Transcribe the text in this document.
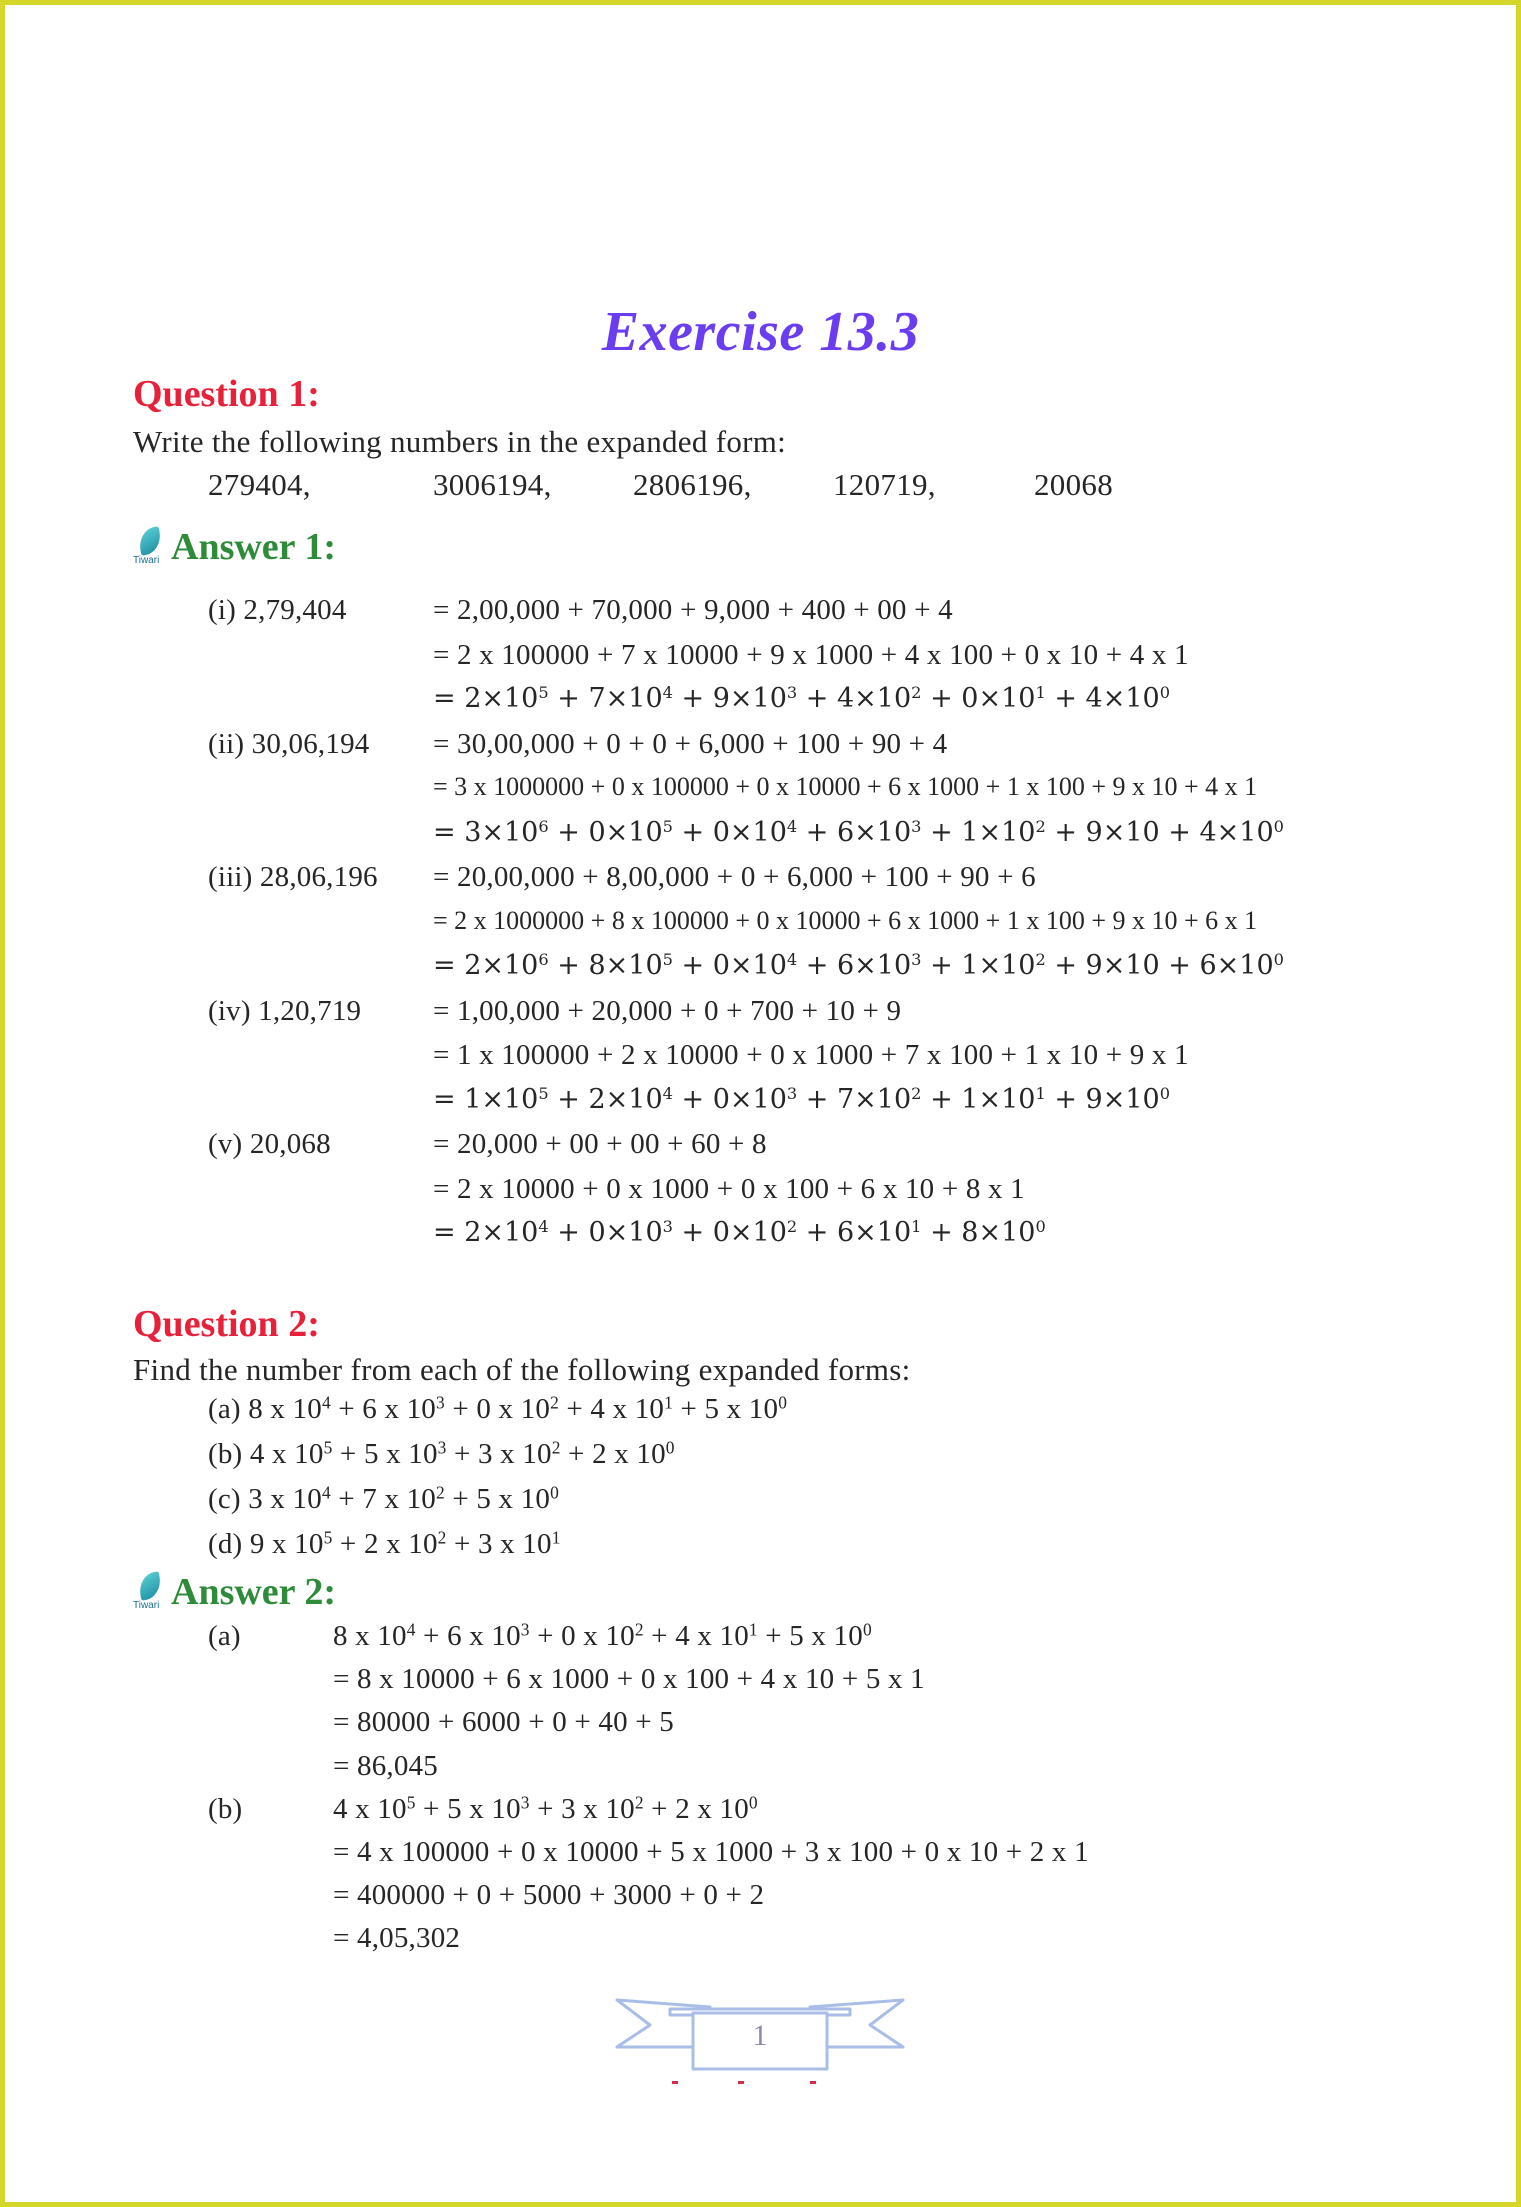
Exercise 13.3
Question 1:
Write the following numbers in the expanded form:
279404,	3006194,	2806196,	120719,	20068
Tiwari Answer 1:
(i) 2,79,404	= 2,00,000 + 70,000 + 9,000 + 400 + 00 + 4
= 2 x 100000 + 7 x 10000 + 9 x 1000 + 4 x 100 + 0 x 10 + 4 x 1
= $2\times 10^5 + 7\times 10^4 + 9\times 10^3 + 4\times 10^2 + 0\times 10^1 + 4\times 10^0$
(ii) 30,06,194 = 30,00,000 + 0 + 0 + 6,000 + 100 + 90 + 4
= 3 x 1000000 + 0 x 100000 + 0 x 10000 + 6 x 1000 + 1 x 100 + 9 x 10 + 4 x 1
= $3\times 10^6 + 0\times 10^5 + 0\times 10^4 + 6\times 10^3 + 1\times 10^2 + 9\times 10 + 4\times 10^0$
(iii) 28,06,196 = 20,00,000 + 8,00,000 + 0 + 6,000 + 100 + 90 + 6
= 2 x 1000000 + 8 x 100000 + 0 x 10000 + 6 x 1000 + 1 x 100 + 9 x 10 + 6 x 1
= $2\times 10^6 + 8\times 10^5 + 0\times 10^4 + 6\times 10^3 + 1\times 10^2 + 9\times 10 + 6\times 10^0$
(iv) 1,20,719 = 1,00,000 + 20,000 + 0 + 700 + 10 + 9
= 1 x 100000 + 2 x 10000 + 0 x 1000 + 7 x 100 + 1 x 10 + 9 x 1
= $1\times 10^5 + 2\times 10^4 + 0\times 10^3 + 7\times 10^2 + 1\times 10^1 + 9\times 10^0$
(v) 20,068	= 20,000 + 00 + 00 + 60 + 8
= 2 x 10000 + 0 x 1000 + 0 x 100 + 6 x 10 + 8 x 1
= $2\times 10^4 + 0\times 10^3 + 0\times 10^2 + 6\times 10^1 + 8\times 10^0$
Question 2:
Find the number from each of the following expanded forms:
(a) 8 x $10^4 + 6$ x $10^3 + 0$ x $10^2 + 4$ x $10^1 + 5$ x $10^0$
(b) 4 x $10^5 + 5$ x $10^3 + 3$ x $10^2 + 2$ x $10^0$
(c) 3 x $10^4 + 7$ x $10^2 + 5$ x $10^0$
(d) 9 x $10^5 + 2$ x $10^2 + 3$ x $10^1$
Tiwari Answer 2:
(a)	8 x $10^4 + 6$ x $10^3 + 0$ x $10^2 + 4$ x $10^1 + 5$ x $10^0$
= 8 x 10000 + 6 x 1000 + 0 x 100 + 4 x 10 + 5 x 1
= 80000 + 6000 + 0 + 40 + 5
= 86,045
(b)	4 x $10^5 + 5$ x $10^3 + 3$ x $10^2 + 2$ x $10^0$
= 4 x 100000 + 0 x 10000 + 5 x 1000 + 3 x 100 + 0 x 10 + 2 x 1
= 400000 + 0 + 5000 + 3000 + 0 + 2
= 4,05,302
1
